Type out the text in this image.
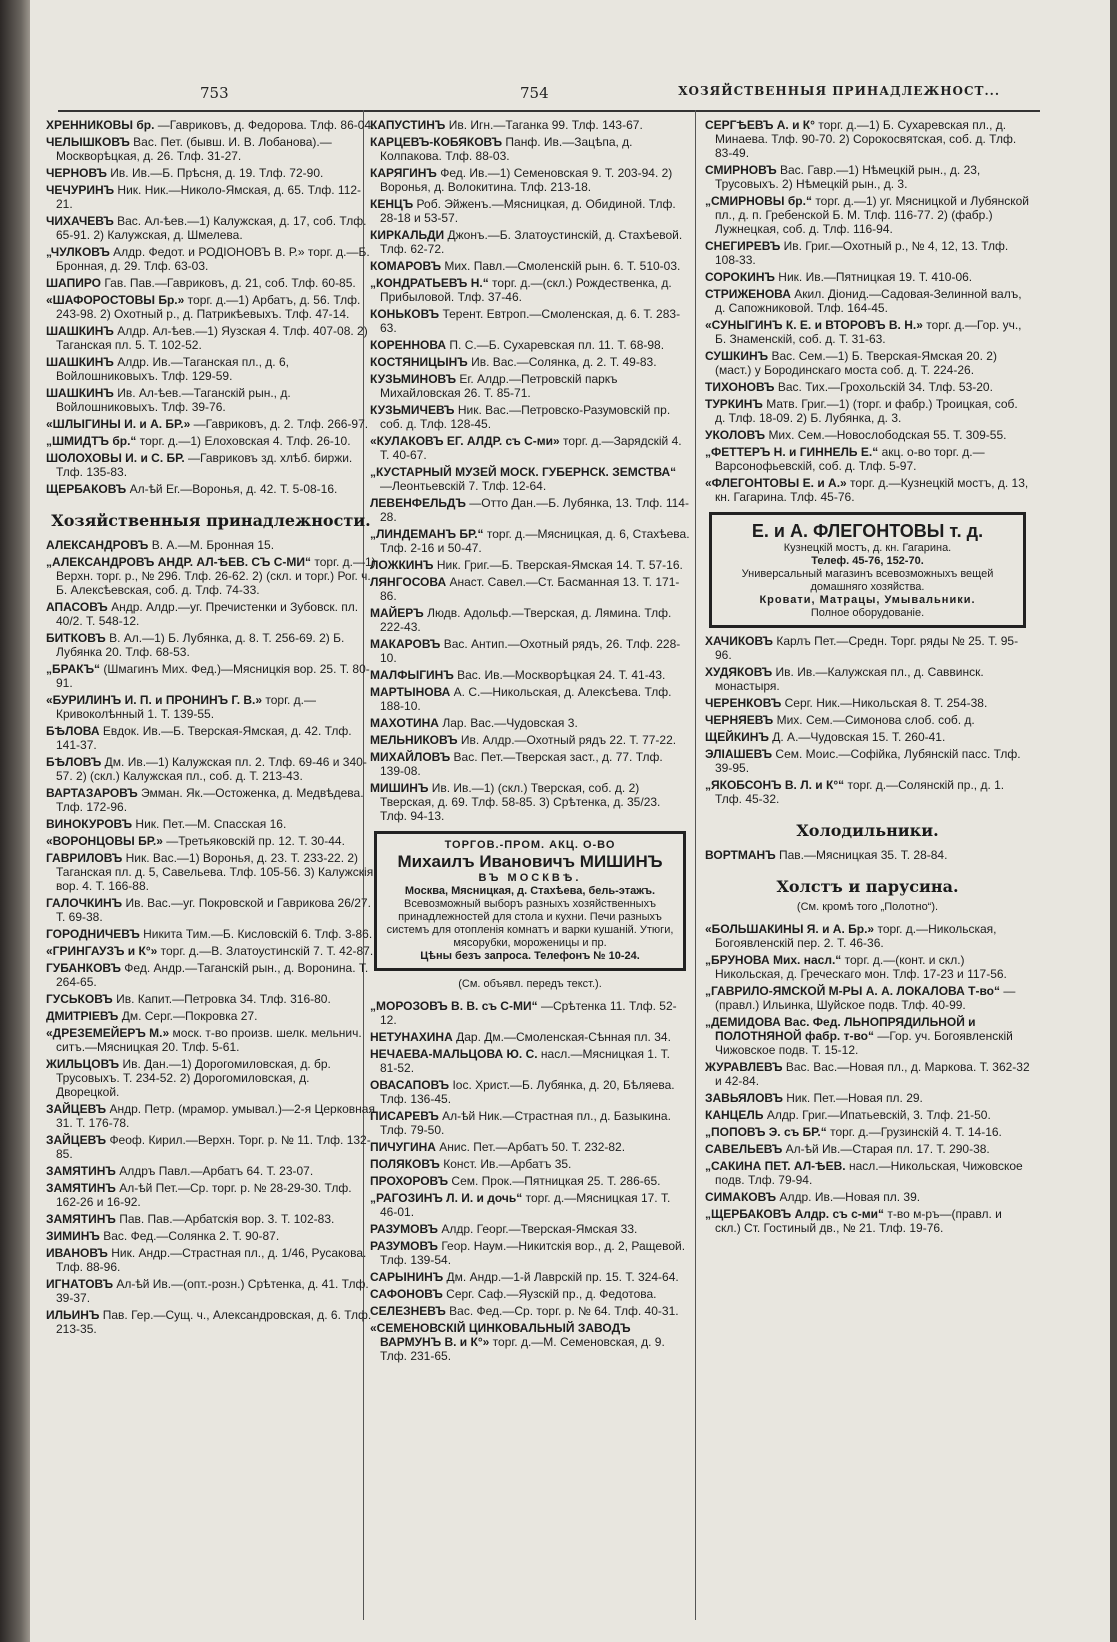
753	754	ХОЗЯЙСТВЕННЫЯ ПРИНАДЛЕЖНОСТ...
ХРЕННИКОВЫ бр. —Гавриковъ, д. Федорова. Тлф. 86-04.
ЧЕЛЫШКОВЪ Вас. Пет. (бывш. И. В. Лобанова).—Москворѣцкая, д. 26. Тлф. 31-27.
ЧЕРНОВЪ Ив. Ив.—Б. Прѣсня, д. 19. Тлф. 72-90.
ЧЕЧУРИНЪ Ник. Ник.—Николо-Ямская, д. 65. Тлф. 112-21.
ЧИХАЧЕВЪ Вас. Ал-ѣев.—1) Калужская, д. 17, соб. Тлф. 65-91. 2) Калужская, д. Шмелева.
„ЧУЛКОВЪ Алдр. Федот. и РОДІОНОВЪ В. Р.» торг. д.—Б. Бронная, д. 29. Тлф. 63-03.
ШАПИРО Гав. Пав.—Гавриковъ, д. 21, соб. Тлф. 60-85.
«ШАФОРОСТОВЫ Бр.» торг. д.—1) Арбатъ, д. 56. Тлф. 243-98. 2) Охотный р., д. Патрикѣевыхъ. Тлф. 47-14.
ШАШКИНЪ Алдр. Ал-ѣев.—1) Яузская 4. Тлф. 407-08. 2) Таганская пл. 5. Т. 102-52.
ШАШКИНЪ Алдр. Ив.—Таганская пл., д. 6, Войлошниковыхъ. Тлф. 129-59.
ШАШКИНЪ Ив. Ал-ѣев.—Таганскій рын., д. Войлошниковыхъ. Тлф. 39-76.
«ШЛЫГИНЫ И. и А. БР.» —Гавриковъ, д. 2. Тлф. 266-97.
„ШМИДТЪ бр.“ торг. д.—1) Елоховская 4. Тлф. 26-10.
ШОЛОХОВЫ И. и С. БР. —Гавриковъ зд. хлѣб. биржи. Тлф. 135-83.
ЩЕРБАКОВЪ Ал-ѣй Ег.—Воронья, д. 42. Т. 5-08-16.
Хозяйственныя принадлежности.
АЛЕКСАНДРОВЪ В. А.—М. Бронная 15.
„АЛЕКСАНДРОВЪ АНДР. АЛ-ѢЕВ. СЪ С-МИ“ торг. д.—1) Верхн. торг. р., № 296. Тлф. 26-62. 2) (скл. и торг.) Рог. ч., Б. Алексѣевская, соб. д. Тлф. 74-33.
АПАСОВЪ Андр. Алдр.—уг. Пречистенки и Зубовск. пл. 40/2. Т. 548-12.
БИТКОВЪ В. Ал.—1) Б. Лубянка, д. 8. Т. 256-69. 2) Б. Лубянка 20. Тлф. 68-53.
„БРАКЪ“ (Шмагинъ Мих. Фед.)—Мясницкія вор. 25. Т. 80-91.
«БУРИЛИНЪ И. П. и ПРОНИНЪ Г. В.» торг. д.—Кривоколѣнный 1. Т. 139-55.
БѢЛОВА Евдок. Ив.—Б. Тверская-Ямская, д. 42. Тлф. 141-37.
БѢЛОВЪ Дм. Ив.—1) Калужская пл. 2. Тлф. 69-46 и 340-57. 2) (скл.) Калужская пл., соб. д. Т. 213-43.
ВАРТАЗАРОВЪ Эмман. Як.—Остоженка, д. Медвѣдева. Тлф. 172-96.
ВИНОКУРОВЪ Ник. Пет.—М. Спасская 16.
«ВОРОНЦОВЫ БР.» —Третьяковскій пр. 12. Т. 30-44.
ГАВРИЛОВЪ Ник. Вас.—1) Воронья, д. 23. Т. 233-22. 2) Таганская пл. д. 5, Савельева. Тлф. 105-56. 3) Калужскія вор. 4. Т. 166-88.
ГАЛОЧКИНЪ Ив. Вас.—уг. Покровской и Гаврикова 26/27. Т. 69-38.
ГОРОДНИЧЕВЪ Никита Тим.—Б. Кисловскій 6. Тлф. 3-86.
«ГРИНГАУЗЪ и К°» торг. д.—В. Златоустинскій 7. Т. 42-87.
ГУБАНКОВЪ Фед. Андр.—Таганскій рын., д. Воронина. Т. 264-65.
ГУСЬКОВЪ Ив. Капит.—Петровка 34. Тлф. 316-80.
ДМИТРІЕВЪ Дм. Серг.—Покровка 27.
«ДРЕЗЕМЕЙЕРЪ М.» моск. т-во произв. шелк. мельнич. ситъ.—Мясницкая 20. Тлф. 5-61.
ЖИЛЬЦОВЪ Ив. Дан.—1) Дорогомиловская, д. бр. Трусовыхъ. Т. 234-52. 2) Дорогомиловская, д. Дворецкой.
ЗАЙЦЕВЪ Андр. Петр. (мрамор. умывал.)—2-я Церковная 31. Т. 176-78.
ЗАЙЦЕВЪ Феоф. Кирил.—Верхн. Торг. р. № 11. Тлф. 132-85.
ЗАМЯТИНЪ Алдръ Павл.—Арбатъ 64. Т. 23-07.
ЗАМЯТИНЪ Ал-ѣй Пет.—Ср. торг. р. № 28-29-30. Тлф. 162-26 и 16-92.
ЗАМЯТИНЪ Пав. Пав.—Арбатскія вор. 3. Т. 102-83.
ЗИМИНЪ Вас. Фед.—Солянка 2. Т. 90-87.
ИВАНОВЪ Ник. Андр.—Страстная пл., д. 1/46, Русакова. Тлф. 88-96.
ИГНАТОВЪ Ал-ѣй Ив.—(опт.-розн.) Срѣтенка, д. 41. Тлф. 39-37.
ИЛЬИНЪ Пав. Гер.—Сущ. ч., Александровская, д. 6. Тлф. 213-35.
КАПУСТИНЪ Ив. Игн.—Таганка 99. Тлф. 143-67.
КАРЦЕВЪ-КОБЯКОВЪ Панф. Ив.—Зацѣпа, д. Колпакова. Тлф. 88-03.
КАРЯГИНЪ Фед. Ив.—1) Семеновская 9. Т. 203-94. 2) Воронья, д. Волокитина. Тлф. 213-18.
КЕНЦЪ Роб. Эйженъ.—Мясницкая, д. Обидиной. Тлф. 28-18 и 53-57.
КИРКАЛЬДИ Джонъ.—Б. Златоустинскій, д. Стахѣевой. Тлф. 62-72.
КОМАРОВЪ Мих. Павл.—Смоленскій рын. 6. Т. 510-03.
„КОНДРАТЬЕВЪ Н.“ торг. д.—(скл.) Рождественка, д. Прибыловой. Тлф. 37-46.
КОНЬКОВЪ Терент. Евтроп.—Смоленская, д. 6. Т. 283-63.
КОРЕННОВА П. С.—Б. Сухаревская пл. 11. Т. 68-98.
КОСТЯНИЦЫНЪ Ив. Вас.—Солянка, д. 2. Т. 49-83.
КУЗЬМИНОВЪ Ег. Алдр.—Петровскій паркъ Михайловская 26. Т. 85-71.
КУЗЬМИЧЕВЪ Ник. Вас.—Петровско-Разумовскій пр. соб. д. Тлф. 128-45.
«КУЛАКОВЪ ЕГ. АЛДР. съ С-ми» торг. д.—Зарядскій 4. Т. 40-67.
„КУСТАРНЫЙ МУЗЕЙ МОСК. ГУБЕРНСК. ЗЕМСТВА“ —Леонтьевскій 7. Тлф. 12-64.
ЛЕВЕНФЕЛЬДЪ —Отто Дан.—Б. Лубянка, 13. Тлф. 114-28.
„ЛИНДЕМАНЪ БР.“ торг. д.—Мясницкая, д. 6, Стахѣева. Тлф. 2-16 и 50-47.
ЛОЖКИНЪ Ник. Григ.—Б. Тверская-Ямская 14. Т. 57-16.
ЛЯНГОСОВА Анаст. Савел.—Ст. Басманная 13. Т. 171-86.
МАЙЕРЪ Людв. Адольф.—Тверская, д. Лямина. Тлф. 222-43.
МАКАРОВЪ Вас. Антип.—Охотный рядъ, 26. Тлф. 228-10.
МАЛФЫГИНЪ Вас. Ив.—Москворѣцкая 24. Т. 41-43.
МАРТЫНОВА А. С.—Никольская, д. Алексѣева. Тлф. 188-10.
МАХОТИНА Лар. Вас.—Чудовская 3.
МЕЛЬНИКОВЪ Ив. Алдр.—Охотный рядъ 22. Т. 77-22.
МИХАЙЛОВЪ Вас. Пет.—Тверская заст., д. 77. Тлф. 139-08.
МИШИНЪ Ив. Ив.—1) (скл.) Тверская, соб. д. 2) Тверская, д. 69. Тлф. 58-85. 3) Срѣтенка, д. 35/23. Тлф. 94-13.
ТОРГОВ.-ПРОМ. АКЦ. О-ВО
Михаилъ Ивановичъ МИШИНЪ
ВЪ МОСКВѢ.
Москва, Мясницкая, д. Стахѣева, бель-этажъ.
Всевозможный выборъ разныхъ хозяйственныхъ принадлежностей для стола и кухни. Печи разныхъ системъ для отопленія комнатъ и варки кушаній. Утюги, мясорубки, мороженицы и пр.
Цѣны безъ запроса. Телефонъ № 10-24.
(См. объявл. передъ текст.).
„МОРОЗОВЪ В. В. съ С-МИ“ —Срѣтенка 11. Тлф. 52-12.
НЕТУНАХИНА Дар. Дм.—Смоленская-Сѣнная пл. 34.
НЕЧАЕВА-МАЛЬЦОВА Ю. С. насл.—Мясницкая 1. Т. 81-52.
ОВАСАПОВЪ Іос. Христ.—Б. Лубянка, д. 20, Бѣляева. Тлф. 136-45.
ПИСАРЕВЪ Ал-ѣй Ник.—Страстная пл., д. Базыкина. Тлф. 79-50.
ПИЧУГИНА Анис. Пет.—Арбатъ 50. Т. 232-82.
ПОЛЯКОВЪ Конст. Ив.—Арбатъ 35.
ПРОХОРОВЪ Сем. Прок.—Пятницкая 25. Т. 286-65.
„РАГОЗИНЪ Л. И. и дочь“ торг. д.—Мясницкая 17. Т. 46-01.
РАЗУМОВЪ Алдр. Георг.—Тверская-Ямская 33.
РАЗУМОВЪ Геор. Наум.—Никитскія вор., д. 2, Ращевой. Тлф. 139-54.
САРЫНИНЪ Дм. Андр.—1-й Лаврскій пр. 15. Т. 324-64.
САФОНОВЪ Серг. Саф.—Яузскій пр., д. Федотова.
СЕЛЕЗНЕВЪ Вас. Фед.—Ср. торг. р. № 64. Тлф. 40-31.
«СЕМЕНОВСКІЙ ЦИНКОВАЛЬНЫЙ ЗАВОДЪ ВАРМУНЪ В. и К°» торг. д.—М. Семеновская, д. 9. Тлф. 231-65.
СЕРГѢЕВЪ А. и К° торг. д.—1) Б. Сухаревская пл., д. Минаева. Тлф. 90-70. 2) Сорокосвятская, соб. д. Тлф. 83-49.
СМИРНОВЪ Вас. Гавр.—1) Нѣмецкій рын., д. 23, Трусовыхъ. 2) Нѣмецкій рын., д. 3.
„СМИРНОВЫ бр.“ торг. д.—1) уг. Мясницкой и Лубянской пл., д. п. Гребенской Б. М. Тлф. 116-77. 2) (фабр.) Лужнецкая, соб. д. Тлф. 116-94.
СНЕГИРЕВЪ Ив. Григ.—Охотный р., № 4, 12, 13. Тлф. 108-33.
СОРОКИНЪ Ник. Ив.—Пятницкая 19. Т. 410-06.
СТРИЖЕНОВА Акил. Діонид.—Садовая-Зелинной валъ, д. Сапожниковой. Тлф. 164-45.
«СУНЫГИНЪ К. Е. и ВТОРОВЪ В. Н.» торг. д.—Гор. уч., Б. Знаменскій, соб. д. Т. 31-63.
СУШКИНЪ Вас. Сем.—1) Б. Тверская-Ямская 20. 2) (маст.) у Бородинскаго моста соб. д. Т. 224-26.
ТИХОНОВЪ Вас. Тих.—Грохольскій 34. Тлф. 53-20.
ТУРКИНЪ Матв. Григ.—1) (торг. и фабр.) Троицкая, соб. д. Тлф. 18-09. 2) Б. Лубянка, д. 3.
УКОЛОВЪ Мих. Сем.—Новослободская 55. Т. 309-55.
„ФЕТТЕРЪ Н. и ГИННЕЛЬ Е.“ акц. о-во торг. д.—Варсонофьевскій, соб. д. Тлф. 5-97.
«ФЛЕГОНТОВЫ Е. и А.» торг. д.—Кузнецкій мостъ, д. 13, кн. Гагарина. Тлф. 45-76.
Е. и А. ФЛЕГОНТОВЫ т. д.
Кузнецкій мостъ, д. кн. Гагарина.
Телеф. 45-76, 152-70.
Универсальный магазинъ всевозможныхъ вещей домашняго хозяйства.
Кровати, Матрацы, Умывальники.
Полное оборудованіе.
ХАЧИКОВЪ Карлъ Пет.—Средн. Торг. ряды № 25. Т. 95-96.
ХУДЯКОВЪ Ив. Ив.—Калужская пл., д. Саввинск. монастыря.
ЧЕРЕНКОВЪ Серг. Ник.—Никольская 8. Т. 254-38.
ЧЕРНЯЕВЪ Мих. Сем.—Симонова слоб. соб. д.
ЩЕЙКИНЪ Д. А.—Чудовская 15. Т. 260-41.
ЭЛІАШЕВЪ Сем. Моис.—Софійка, Лубянскій пасс. Тлф. 39-95.
„ЯКОБСОНЪ В. Л. и К°“ торг. д.—Солянскій пр., д. 1. Тлф. 45-32.
Холодильники.
ВОРТМАНЪ Пав.—Мясницкая 35. Т. 28-84.
Холстъ и парусина.
(См. кромѣ того „Полотно“).
«БОЛЬШАКИНЫ Я. и А. Бр.» торг. д.—Никольская, Богоявленскій пер. 2. Т. 46-36.
„БРУНОВА Мих. насл.“ торг. д.—(конт. и скл.) Никольская, д. Греческаго мон. Тлф. 17-23 и 117-56.
„ГАВРИЛО-ЯМСКОЙ М-РЫ А. А. ЛОКАЛОВА Т-во“ —(правл.) Ильинка, Шуйское подв. Тлф. 40-99.
„ДЕМИДОВА Вас. Фед. ЛЬНОПРЯДИЛЬНОЙ и ПОЛОТНЯНОЙ фабр. т-во“ —Гор. уч. Богоявленскій Чижовское подв. Т. 15-12.
ЖУРАВЛЕВЪ Вас. Вас.—Новая пл., д. Маркова. Т. 362-32 и 42-84.
ЗАВЬЯЛОВЪ Ник. Пет.—Новая пл. 29.
КАНЦЕЛЬ Алдр. Григ.—Ипатьевскій, 3. Тлф. 21-50.
„ПОПОВЪ Э. съ БР.“ торг. д.—Грузинскій 4. Т. 14-16.
САВЕЛЬЕВЪ Ал-ѣй Ив.—Старая пл. 17. Т. 290-38.
„САКИНА ПЕТ. АЛ-ѢЕВ. насл.—Никольская, Чижовское подв. Тлф. 79-94.
СИМАКОВЪ Алдр. Ив.—Новая пл. 39.
„ЩЕРБАКОВЪ Алдр. съ с-ми“ т-во м-ръ—(правл. и скл.) Ст. Гостиный дв., № 21. Тлф. 19-76.
